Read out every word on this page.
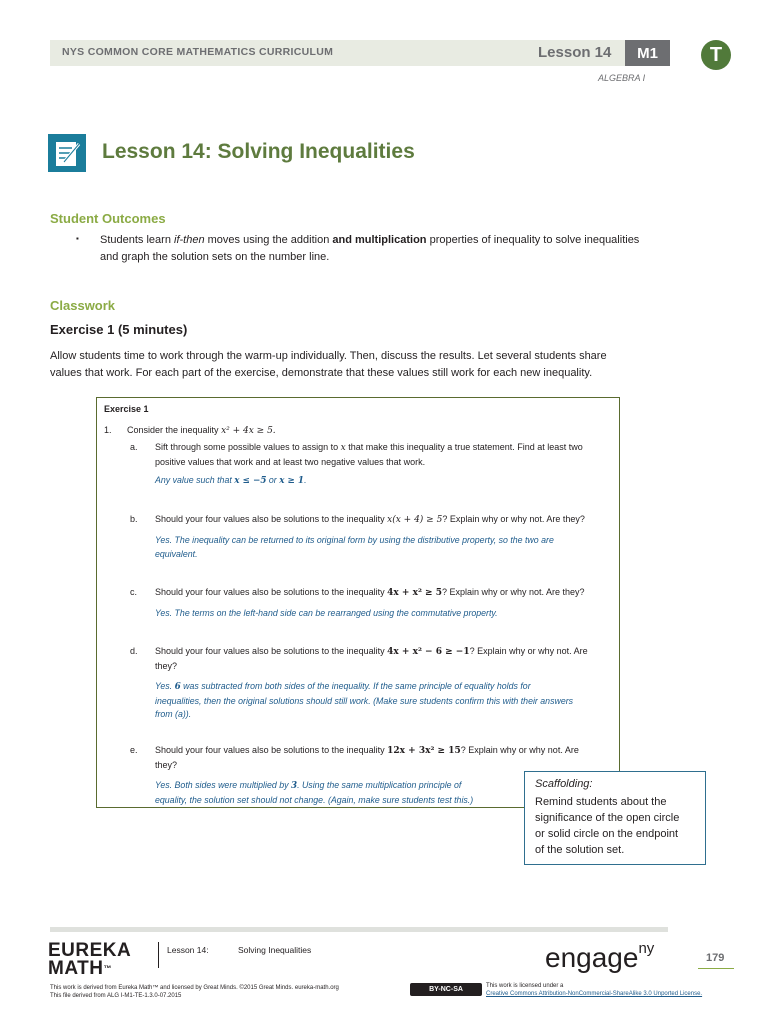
NYS COMMON CORE MATHEMATICS CURRICULUM	Lesson 14	M1
ALGEBRA I
T
Lesson 14: Solving Inequalities
Student Outcomes
▪ Students learn if-then moves using the addition and multiplication properties of inequality to solve inequalities
and graph the solution sets on the number line.
Classwork
Exercise 1 (5 minutes)
Allow students time to work through the warm-up individually. Then, discuss the results. Let several students share
values that work. For each part of the exercise, demonstrate that these values still work for each new inequality.
Exercise 1
1. Consider the inequality x² + 4x ≥ 5.
a. Sift through some possible values to assign to x that make this inequality a true statement. Find at least two
positive values that work and at least two negative values that work.
Any value such that x ≤ −5 or x ≥ 1.
b. Should your four values also be solutions to the inequality x(x + 4) ≥ 5? Explain why or why not. Are they?
Yes. The inequality can be returned to its original form by using the distributive property, so the two are
equivalent.
c. Should your four values also be solutions to the inequality 4x + x² ≥ 5? Explain why or why not. Are they?
Yes. The terms on the left-hand side can be rearranged using the commutative property.
d. Should your four values also be solutions to the inequality 4x + x² − 6 ≥ −1? Explain why or why not. Are
they?
Yes. 6 was subtracted from both sides of the inequality. If the same principle of equality holds for
inequalities, then the original solutions should still work. (Make sure students confirm this with their answers
from (a)).
e. Should your four values also be solutions to the inequality 12x + 3x² ≥ 15? Explain why or why not. Are
they?
Yes. Both sides were multiplied by 3. Using the same multiplication principle of
equality, the solution set should not change. (Again, make sure students test this.)
Scaffolding:
Remind students about the
significance of the open circle
or solid circle on the endpoint
of the solution set.
EUREKA
MATH™
Lesson 14:	Solving Inequalities	engage$^{ny}$
179
This work is derived from Eureka Math™ and licensed by Great Minds. ©2015 Great Minds. eureka-math.org
This file derived from ALG I-M1-TE-1.3.0-07.2015
BY-NC-SA	This work is licensed under a
Creative Commons Attribution-NonCommercial-ShareAlike 3.0 Unported License.
